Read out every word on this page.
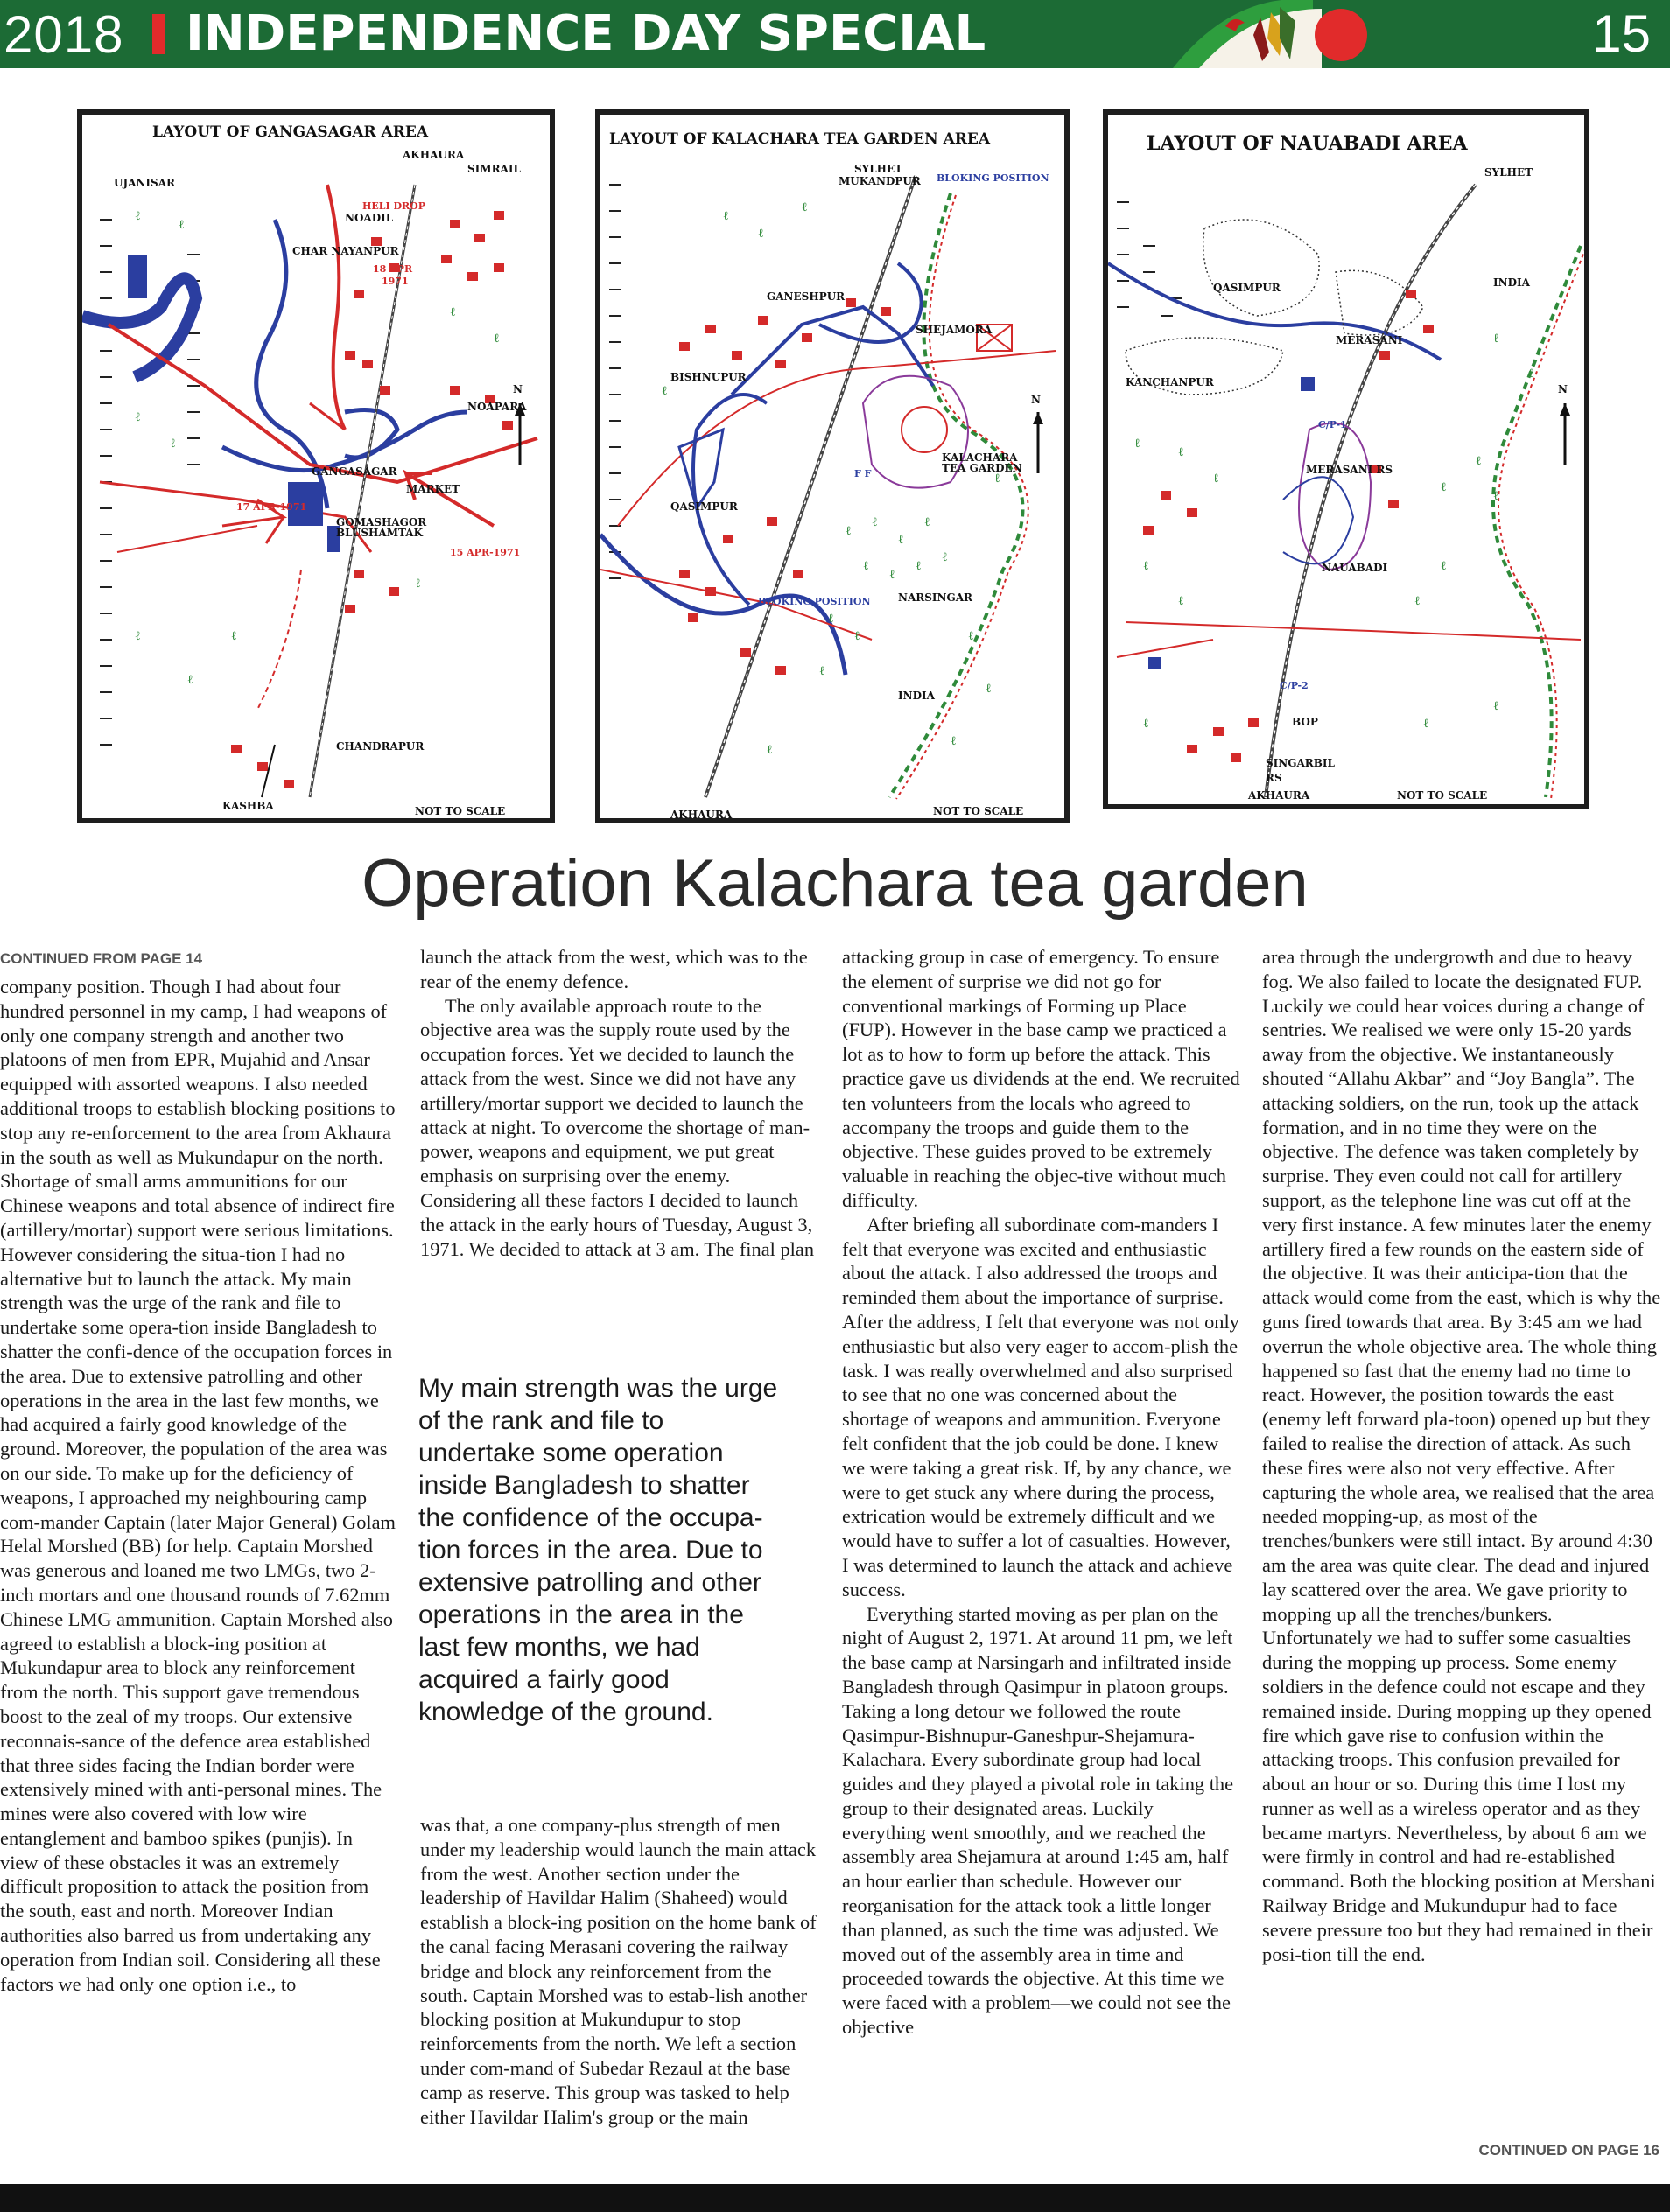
2018 INDEPENDENCE DAY SPECIAL	15
LAYOUT OF GANGASAGAR AREA
ℓ
ℓ
ℓ
ℓ
ℓ	ℓ
ℓ
ℓ
ℓ
ℓ
N
UJANISAR
AKHAURA
SIMRAIL
HELI DROP
NOADIL
CHAR NAYANPUR
18 APR
1971
NOAPARA
GANGASAGAR
MARKET
17 APR-1971
GOMASHAGOR
BLUSHAMTAK
15 APR-1971
CHANDRAPUR
KASHBA	NOT TO SCALE
LAYOUT OF KALACHARA TEA GARDEN AREA
ℓ
ℓ
ℓ
ℓ
ℓ
ℓ
ℓ
ℓ
ℓ
ℓ
ℓ
ℓ
ℓ
ℓ
ℓ
ℓ
ℓ
ℓ
ℓ
ℓ
N
SYLHET
MUKANDPUR BLOKING POSITION
GANESHPUR
SHEJAMORA
BISHNUPUR
F F
KALACHARA
TEA GARDEN
QASIMPUR
BLOKING POSITION	NARSINGAR
INDIA
AKHAURA	NOT TO SCALE
LAYOUT OF NAUABADI AREA
ℓ
ℓ
ℓ
ℓ
ℓ
ℓ
ℓ
ℓ
ℓ
ℓ
ℓ
ℓ
ℓ
ℓ
ℓ
N
SYLHET
QASIMPUR	INDIA
MERASANI
KANCHANPUR
C/P-1
MERASANI RS
NAUABADI
C/P-2
BOP
SINGARBIL
RS
AKHAURA	NOT TO SCALE
Operation Kalachara tea garden
CONTINUED FROM PAGE 14

company position. Though I had about four hundred personnel in my camp, I had weapons of only one company strength and another two platoons of men from EPR, Mujahid and Ansar equipped with assorted weapons. I also needed additional troops to establish blocking positions to stop any re-enforcement to the area from Akhaura in the south as well as Mukundapur on the north. Shortage of small arms ammunitions for our Chinese weapons and total absence of indirect fire (artillery/mortar) support were serious limitations. However considering the situa-tion I had no alternative but to launch the attack. My main strength was the urge of the rank and file to undertake some opera-tion inside Bangladesh to shatter the confi-dence of the occupation forces in the area. Due to extensive patrolling and other operations in the area in the last few months, we had acquired a fairly good knowledge of the ground. Moreover, the population of the area was on our side. To make up for the deficiency of weapons, I approached my neighbouring camp com-mander Captain (later Major General) Golam Helal Morshed (BB) for help. Captain Morshed was generous and loaned me two LMGs, two 2-inch mortars and one thousand rounds of 7.62mm Chinese LMG ammunition. Captain Morshed also agreed to establish a block-ing position at Mukundapur area to block any reinforcement from the north. This support gave tremendous boost to the zeal of my troops. Our extensive reconnais-sance of the defence area established that three sides facing the Indian border were extensively mined with anti-personal mines. The mines were also covered with low wire entanglement and bamboo spikes (punjis). In view of these obstacles it was an extremely difficult proposition to attack the position from the south, east and north. Moreover Indian authorities also barred us from undertaking any operation from Indian soil. Considering all these factors we had only one option i.e., to

launch the attack from the west, which was to the rear of the enemy defence.

The only available approach route to the objective area was the supply route used by the occupation forces. Yet we decided to launch the attack from the west. Since we did not have any artillery/mortar support we decided to launch the attack at night. To overcome the shortage of man-power, weapons and equipment, we put great emphasis on surprising over the enemy. Considering all these factors I decided to launch the attack in the early hours of Tuesday, August 3, 1971. We decided to attack at 3 am. The final plan

My main strength was the urge of the rank and file to undertake some operation inside Bangladesh to shatter the confidence of the occupa-tion forces in the area. Due to extensive patrolling and other operations in the area in the last few months, we had acquired a fairly good knowledge of the ground.

was that, a one company-plus strength of men under my leadership would launch the main attack from the west. Another section under the leadership of Havildar Halim (Shaheed) would establish a block-ing position on the home bank of the canal facing Merasani covering the railway bridge and block any reinforcement from the south. Captain Morshed was to estab-lish another blocking position at Mukundupur to stop reinforcements from the north. We left a section under com-mand of Subedar Rezaul at the base camp as reserve. This group was tasked to help either Havildar Halim's group or the main

attacking group in case of emergency. To ensure the element of surprise we did not go for conventional markings of Forming up Place (FUP). However in the base camp we practiced a lot as to how to form up before the attack. This practice gave us dividends at the end. We recruited ten volunteers from the locals who agreed to accompany the troops and guide them to the objective. These guides proved to be extremely valuable in reaching the objec-tive without much difficulty.

After briefing all subordinate com-manders I felt that everyone was excited and enthusiastic about the attack. I also addressed the troops and reminded them about the importance of surprise. After the address, I felt that everyone was not only enthusiastic but also very eager to accom-plish the task. I was really overwhelmed and also surprised to see that no one was concerned about the shortage of weapons and ammunition. Everyone felt confident that the job could be done. I knew we were taking a great risk. If, by any chance, we were to get stuck any where during the process, extrication would be extremely difficult and we would have to suffer a lot of casualties. However, I was determined to launch the attack and achieve success.

Everything started moving as per plan on the night of August 2, 1971. At around 11 pm, we left the base camp at Narsingarh and infiltrated inside Bangladesh through Qasimpur in platoon groups. Taking a long detour we followed the route Qasimpur-Bishnupur-Ganeshpur-Shejamura-Kalachara. Every subordinate group had local guides and they played a pivotal role in taking the group to their designated areas. Luckily everything went smoothly, and we reached the assembly area Shejamura at around 1:45 am, half an hour earlier than schedule. However our reorganisation for the attack took a little longer than planned, as such the time was adjusted. We moved out of the assembly area in time and proceeded towards the objective. At this time we were faced with a problem—we could not see the objective

area through the undergrowth and due to heavy fog. We also failed to locate the designated FUP. Luckily we could hear voices during a change of sentries. We realised we were only 15-20 yards away from the objective. We instantaneously shouted “Allahu Akbar” and “Joy Bangla”. The attacking soldiers, on the run, took up the attack formation, and in no time they were on the objective. The defence was taken completely by surprise. They even could not call for artillery support, as the telephone line was cut off at the very first instance. A few minutes later the enemy artillery fired a few rounds on the eastern side of the objective. It was their anticipa-tion that the attack would come from the east, which is why the guns fired towards that area. By 3:45 am we had overrun the whole objective area. The whole thing happened so fast that the enemy had no time to react. However, the position towards the east (enemy left forward pla-toon) opened up but they failed to realise the direction of attack. As such these fires were also not very effective. After capturing the whole area, we realised that the area needed mopping-up, as most of the trenches/bunkers were still intact. By around 4:30 am the area was quite clear. The dead and injured lay scattered over the area. We gave priority to mopping up all the trenches/bunkers. Unfortunately we had to suffer some casualties during the mopping up process. Some enemy soldiers in the defence could not escape and they remained inside. During mopping up they opened fire which gave rise to confusion within the attacking troops. This confusion prevailed for about an hour or so. During this time I lost my runner as well as a wireless operator and as they became martyrs. Nevertheless, by about 6 am we were firmly in control and had re-established command. Both the blocking position at Mershani Railway Bridge and Mukundupur had to face severe pressure too but they had remained in their posi-tion till the end.

CONTINUED ON PAGE 16
